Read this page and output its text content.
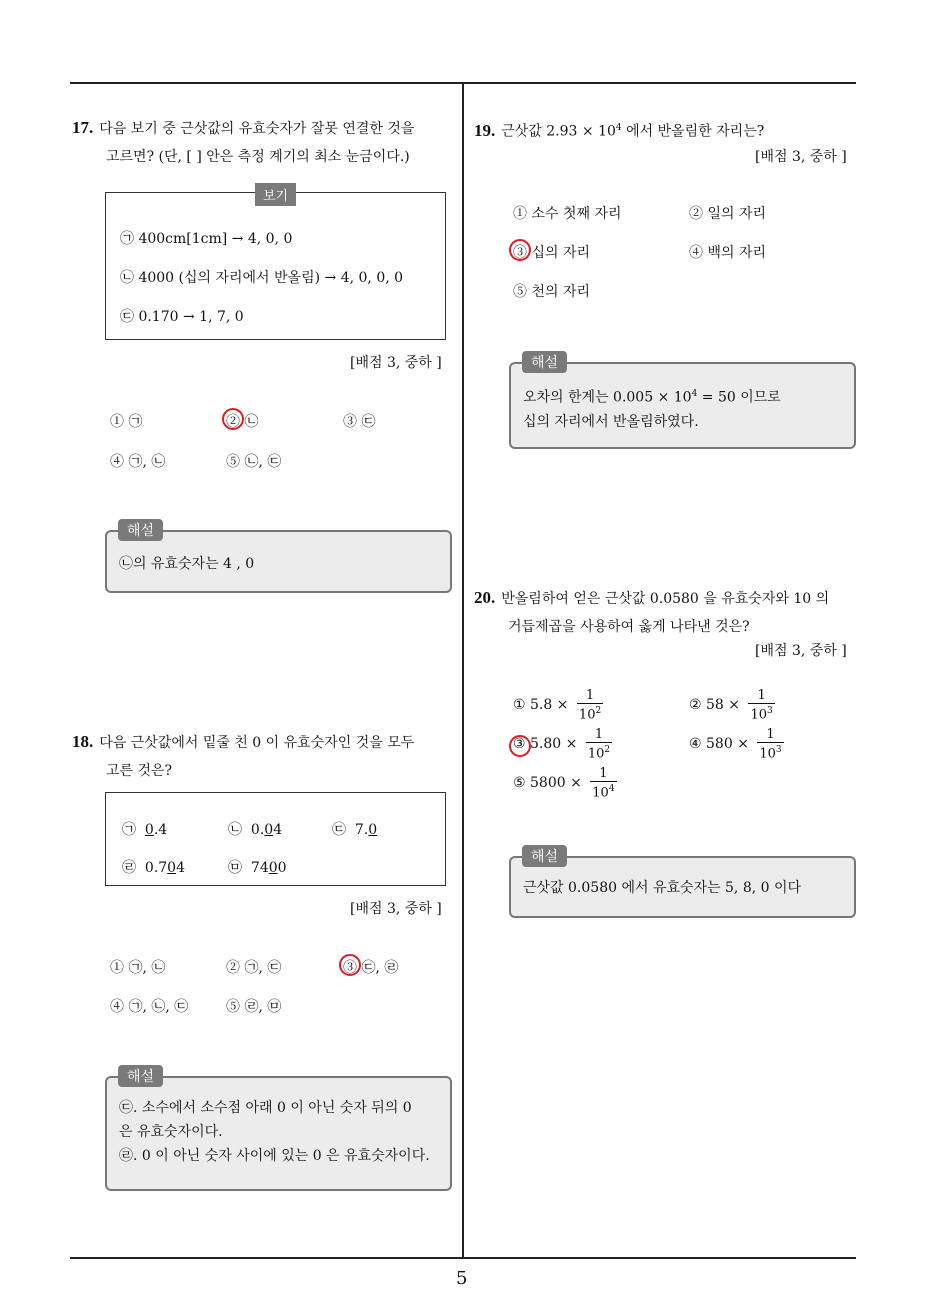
5
17. 다음 보기 중 근삿값의 유효숫자가 잘못 연결한 것을
고르면? (단, [ ] 안은 측정 계기의 최소 눈금이다.)
보기
㉠ 400cm[1cm] → 4, 0, 0
㉡ 4000 (십의 자리에서 반올림) → 4, 0, 0, 0
㉢ 0.170 → 1, 7, 0
[배점 3, 중하 ]
① ㉠	② ㉡	③ ㉢
④ ㉠, ㉡	⑤ ㉡, ㉢
㉡의 유효숫자는 4 , 0
해설
18. 다음 근삿값에서 밑줄 친 0 이 유효숫자인 것을 모두
고른 것은?
㉠ 0.4	㉡ 0.04	㉢ 7.0
㉣ 0.704	㉤ 7400
[배점 3, 중하 ]
① ㉠, ㉡	② ㉠, ㉢	③ ㉢, ㉣
④ ㉠, ㉡, ㉢	⑤ ㉣, ㉤
㉢. 소수에서 소수점 아래 0 이 아닌 숫자 뒤의 0
은 유효숫자이다.
㉣. 0 이 아닌 숫자 사이에 있는 0 은 유효숫자이다.
해설
19. 근삿값 $2.93 \times 10^4$ 에서 반올림한 자리는?
[배점 3, 중하 ]
① 소수 첫째 자리	② 일의 자리
③ 십의 자리	④ 백의 자리
⑤ 천의 자리
오차의 한계는 $0.005 \times 10^4 = 50$ 이므로
십의 자리에서 반올림하였다.
해설
20. 반올림하여 얻은 근삿값 0.0580 을 유효숫자와 10 의
거듭제곱을 사용하여 옳게 나타낸 것은?
[배점 3, 중하 ]
① $5.8 \times \frac{1}{10^2}$	② $58 \times \frac{1}{10^3}$
③ $5.80 \times \frac{1}{10^2}$	④ $580 \times \frac{1}{10^3}$
⑤ $5800 \times \frac{1}{10^4}$
근삿값 0.0580 에서 유효숫자는 5, 8, 0 이다
해설
